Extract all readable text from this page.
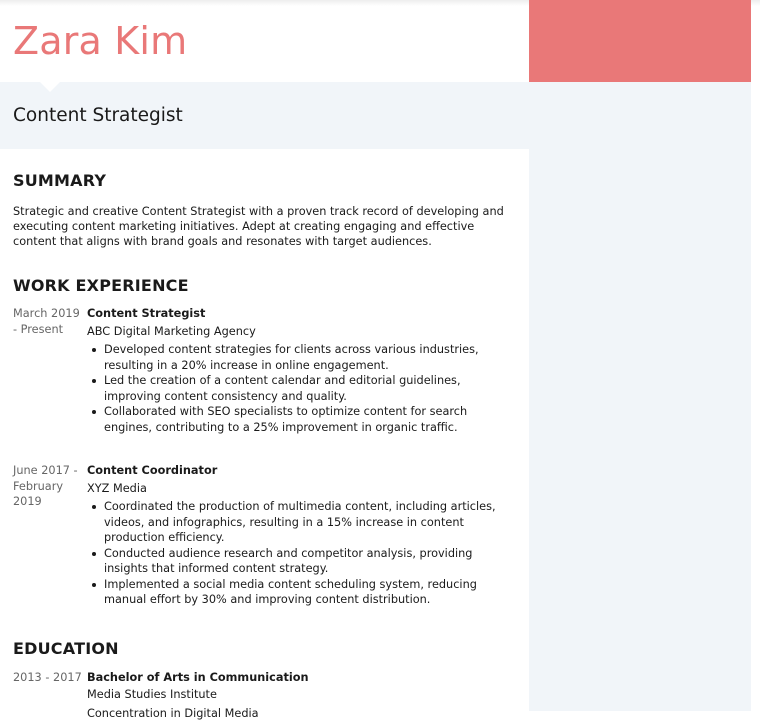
Zara Kim
Content Strategist
SUMMARY

Strategic and creative Content Strategist with a proven track record of developing and executing content marketing initiatives. Adept at creating engaging and effective content that aligns with brand goals and resonates with target audiences.

WORK EXPERIENCE
March 2019 - Present
Content Strategist
ABC Digital Marketing Agency
Developed content strategies for clients across various industries, resulting in a 20% increase in online engagement.
Led the creation of a content calendar and editorial guidelines, improving content consistency and quality.
Collaborated with SEO specialists to optimize content for search engines, contributing to a 25% improvement in organic traffic.
June 2017 - February 2019
Content Coordinator
XYZ Media
Coordinated the production of multimedia content, including articles, videos, and infographics, resulting in a 15% increase in content production efficiency.
Conducted audience research and competitor analysis, providing insights that informed content strategy.
Implemented a social media content scheduling system, reducing manual effort by 30% and improving content distribution.
EDUCATION
2013 - 2017 Bachelor of Arts in Communication
Media Studies Institute
Concentration in Digital Media
